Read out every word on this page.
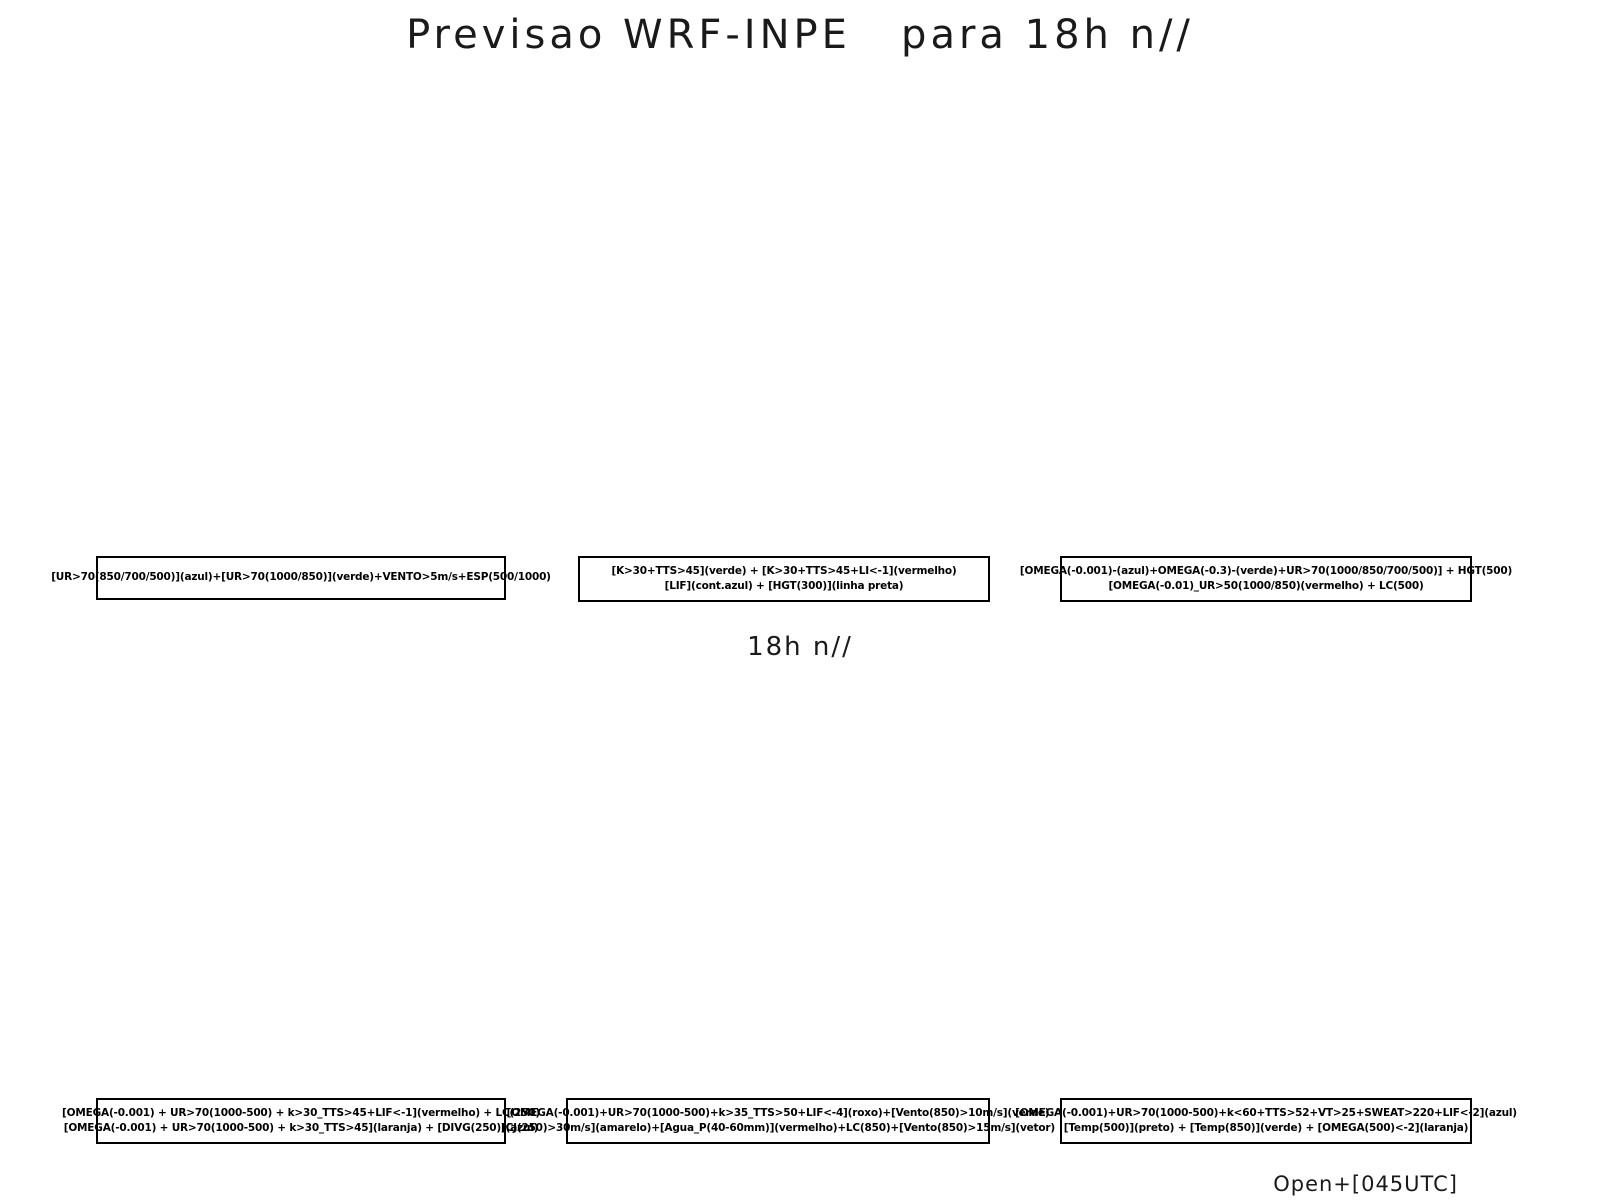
Previsao WRF-INPE   para 18h n//
[UR>70(850/700/500)](azul)+[UR>70(1000/850)](verde)+VENTO>5m/s+ESP(500/1000)
[K>30+TTS>45](verde) + [K>30+TTS>45+LI<-1](vermelho)
[LIF](cont.azul) + [HGT(300)](linha preta)
[OMEGA(-0.001)-(azul)+OMEGA(-0.3)-(verde)+UR>70(1000/850/700/500)] + HGT(500)
[OMEGA(-0.01)_UR>50(1000/850)(vermelho) + LC(500)
18h n//
[OMEGA(-0.001) + UR>70(1000-500) + k>30_TTS>45+LIF<-1](vermelho) + LC(250)
[OMEGA(-0.001) + UR>70(1000-500) + k>30_TTS>45](laranja) + [DIVG(250)](azul)
[OMEGA(-0.001)+UR>70(1000-500)+k>35_TTS>50+LIF<-4](roxo)+[Vento(850)>10m/s](verde)
[CJ(250)>30m/s](amarelo)+[Agua_P(40-60mm)](vermelho)+LC(850)+[Vento(850)>15m/s](vetor)
[OMEGA(-0.001)+UR>70(1000-500)+k<60+TTS>52+VT>25+SWEAT>220+LIF<-2](azul)
[Temp(500)](preto) + [Temp(850)](verde) + [OMEGA(500)<-2](laranja)
Open+[045UTC]
